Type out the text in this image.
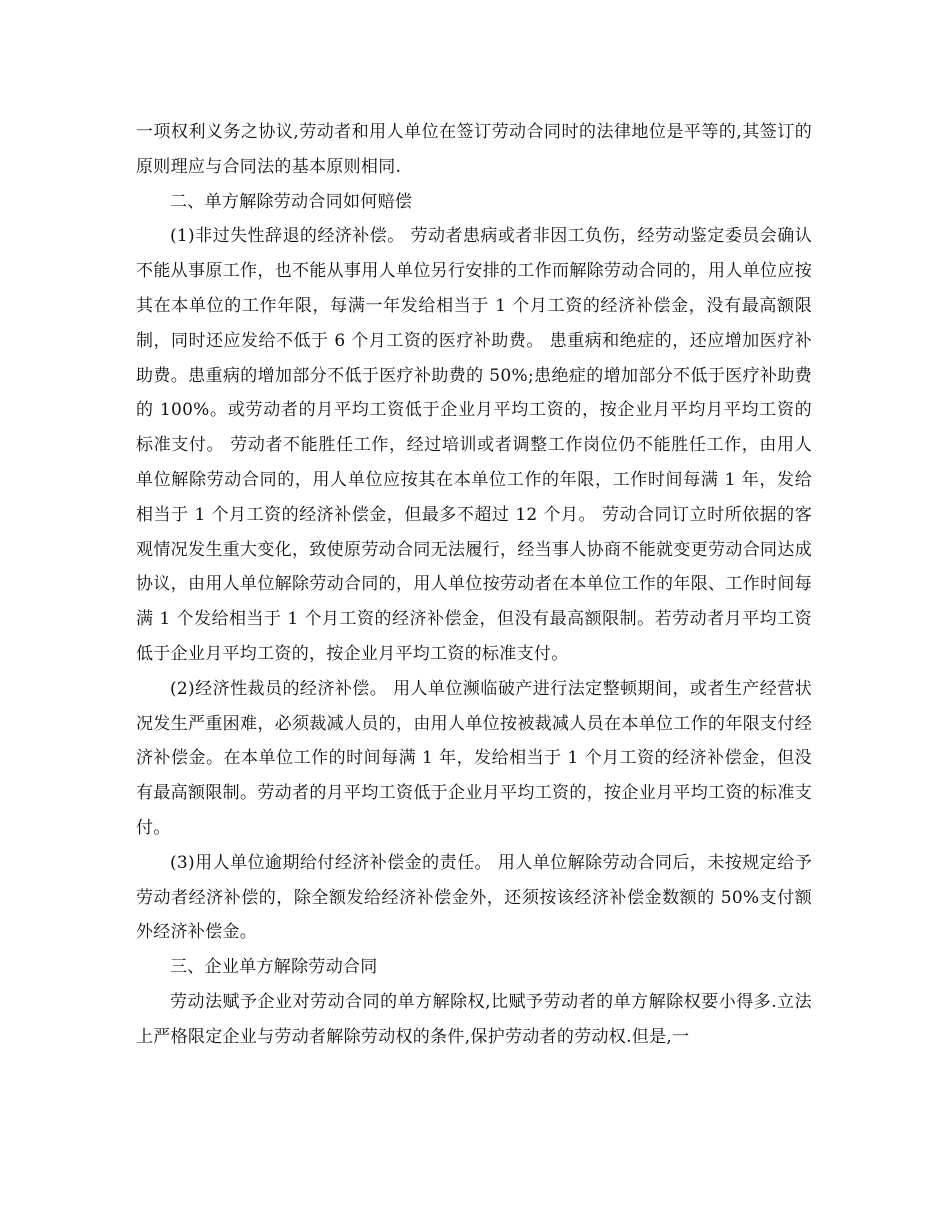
一项权利义务之协议,劳动者和用人单位在签订劳动合同时的法律地位是平等的,其签订的原则理应与合同法的基本原则相同.

二、单方解除劳动合同如何赔偿

(1)非过失性辞退的经济补偿。 劳动者患病或者非因工负伤，经劳动鉴定委员会确认不能从事原工作，也不能从事用人单位另行安排的工作而解除劳动合同的，用人单位应按其在本单位的工作年限，每满一年发给相当于 1 个月工资的经济补偿金，没有最高额限制，同时还应发给不低于 6 个月工资的医疗补助费。 患重病和绝症的，还应增加医疗补助费。患重病的增加部分不低于医疗补助费的 50%;患绝症的增加部分不低于医疗补助费的 100%。或劳动者的月平均工资低于企业月平均工资的，按企业月平均月平均工资的标准支付。 劳动者不能胜任工作，经过培训或者调整工作岗位仍不能胜任工作，由用人单位解除劳动合同的，用人单位应按其在本单位工作的年限，工作时间每满 1 年，发给相当于 1 个月工资的经济补偿金，但最多不超过 12 个月。 劳动合同订立时所依据的客观情况发生重大变化，致使原劳动合同无法履行，经当事人协商不能就变更劳动合同达成协议，由用人单位解除劳动合同的，用人单位按劳动者在本单位工作的年限、工作时间每满 1 个发给相当于 1 个月工资的经济补偿金，但没有最高额限制。若劳动者月平均工资低于企业月平均工资的，按企业月平均工资的标准支付。

(2)经济性裁员的经济补偿。 用人单位濒临破产进行法定整顿期间，或者生产经营状况发生严重困难，必须裁减人员的，由用人单位按被裁减人员在本单位工作的年限支付经济补偿金。在本单位工作的时间每满 1 年，发给相当于 1 个月工资的经济补偿金，但没有最高额限制。劳动者的月平均工资低于企业月平均工资的，按企业月平均工资的标准支付。

(3)用人单位逾期给付经济补偿金的责任。 用人单位解除劳动合同后，未按规定给予劳动者经济补偿的，除全额发给经济补偿金外，还须按该经济补偿金数额的 50%支付额外经济补偿金。

三、企业单方解除劳动合同

劳动法赋予企业对劳动合同的单方解除权,比赋予劳动者的单方解除权要小得多.立法上严格限定企业与劳动者解除劳动权的条件,保护劳动者的劳动权.但是,一
